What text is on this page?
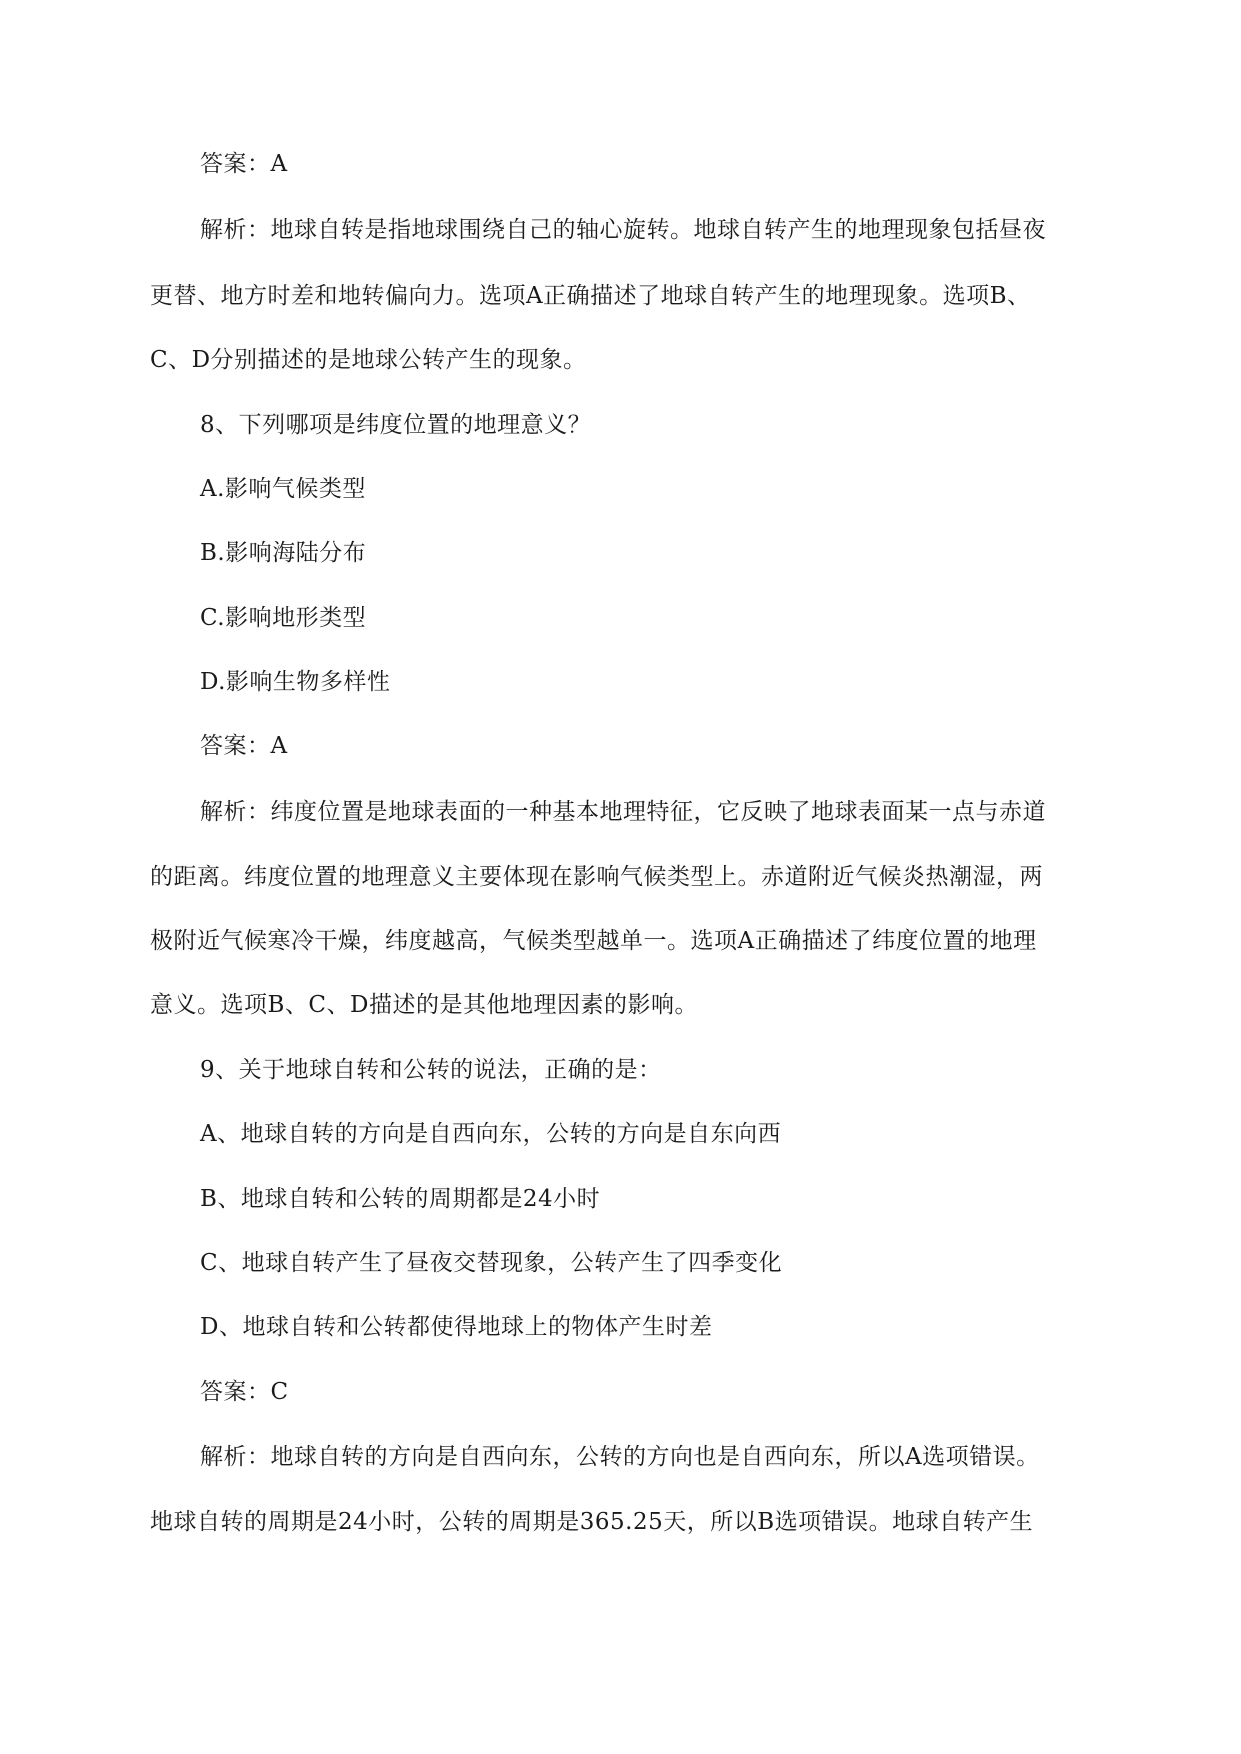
答案：A
解析：地球自转是指地球围绕自己的轴心旋转。地球自转产生的地理现象包括昼夜
更替、地方时差和地转偏向力。选项A正确描述了地球自转产生的地理现象。选项B、
C、D分别描述的是地球公转产生的现象。
8、下列哪项是纬度位置的地理意义？
A.影响气候类型
B.影响海陆分布
C.影响地形类型
D.影响生物多样性
答案：A
解析：纬度位置是地球表面的一种基本地理特征，它反映了地球表面某一点与赤道
的距离。纬度位置的地理意义主要体现在影响气候类型上。赤道附近气候炎热潮湿，两
极附近气候寒冷干燥，纬度越高，气候类型越单一。选项A正确描述了纬度位置的地理
意义。选项B、C、D描述的是其他地理因素的影响。
9、关于地球自转和公转的说法，正确的是：
A、地球自转的方向是自西向东，公转的方向是自东向西
B、地球自转和公转的周期都是24小时
C、地球自转产生了昼夜交替现象，公转产生了四季变化
D、地球自转和公转都使得地球上的物体产生时差
答案：C
解析：地球自转的方向是自西向东，公转的方向也是自西向东，所以A选项错误。
地球自转的周期是24小时，公转的周期是365.25天，所以B选项错误。地球自转产生
